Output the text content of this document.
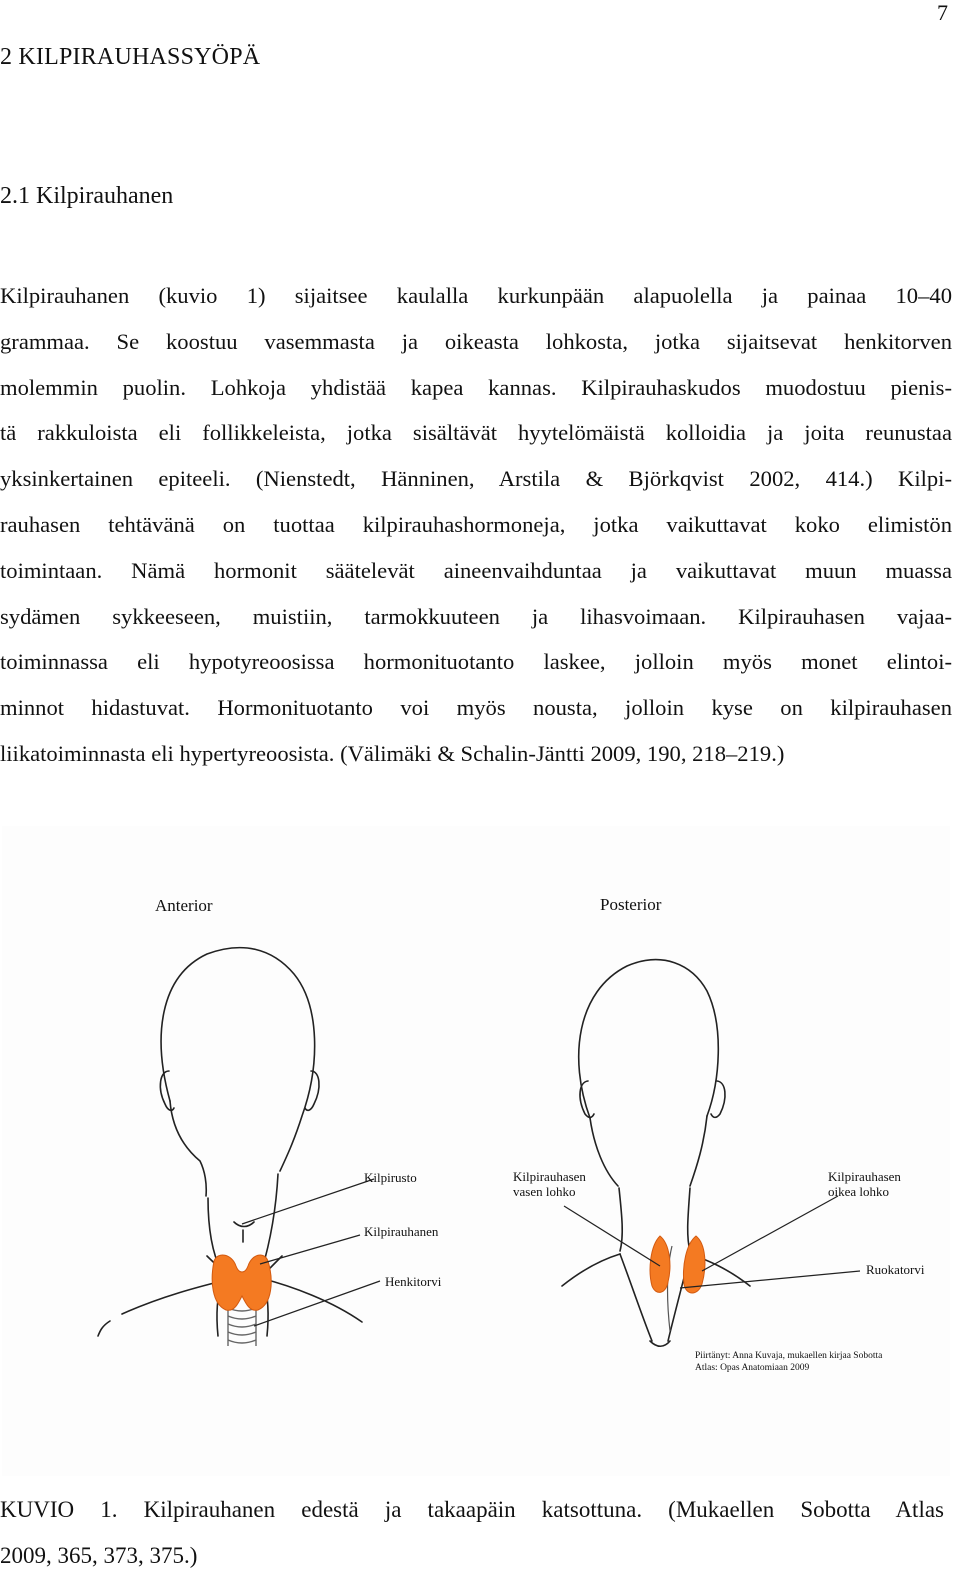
7
2 KILPIRAUHASSYÖPÄ
2.1 Kilpirauhanen
Kilpirauhanen (kuvio 1) sijaitsee kaulalla kurkunpään alapuolella ja painaa 10–40
grammaa. Se koostuu vasemmasta ja oikeasta lohkosta, jotka sijaitsevat henkitorven
molemmin puolin. Lohkoja yhdistää kapea kannas. Kilpirauhaskudos muodostuu pienis-
tä rakkuloista eli follikkeleista, jotka sisältävät hyytelömäistä kolloidia ja joita reunustaa
yksinkertainen epiteeli. (Nienstedt, Hänninen, Arstila & Björkqvist 2002, 414.) Kilpi-
rauhasen tehtävänä on tuottaa kilpirauhashormoneja, jotka vaikuttavat koko elimistön
toimintaan. Nämä hormonit säätelevät aineenvaihduntaa ja vaikuttavat muun muassa
sydämen sykkeeseen, muistiin, tarmokkuuteen ja lihasvoimaan. Kilpirauhasen vajaa-
toiminnassa eli hypotyreoosissa hormonituotanto laskee, jolloin myös monet elintoi-
minnot hidastuvat. Hormonituotanto voi myös nousta, jolloin kyse on kilpirauhasen
liikatoiminnasta eli hypertyreoosista. (Välimäki & Schalin-Jäntti 2009, 190, 218–219.)
Anterior	Posterior
Kilpirusto
Kilpirauhanen
Henkitorvi
Kilpirauhasen
vasen lohko
Kilpirauhasen
oikea lohko
Ruokatorvi
Piirtänyt: Anna Kuvaja, mukaellen kirjaa Sobotta
Atlas: Opas Anatomiaan 2009
KUVIO 1. Kilpirauhanen edestä ja takaapäin katsottuna. (Mukaellen Sobotta Atlas
2009, 365, 373, 375.)
